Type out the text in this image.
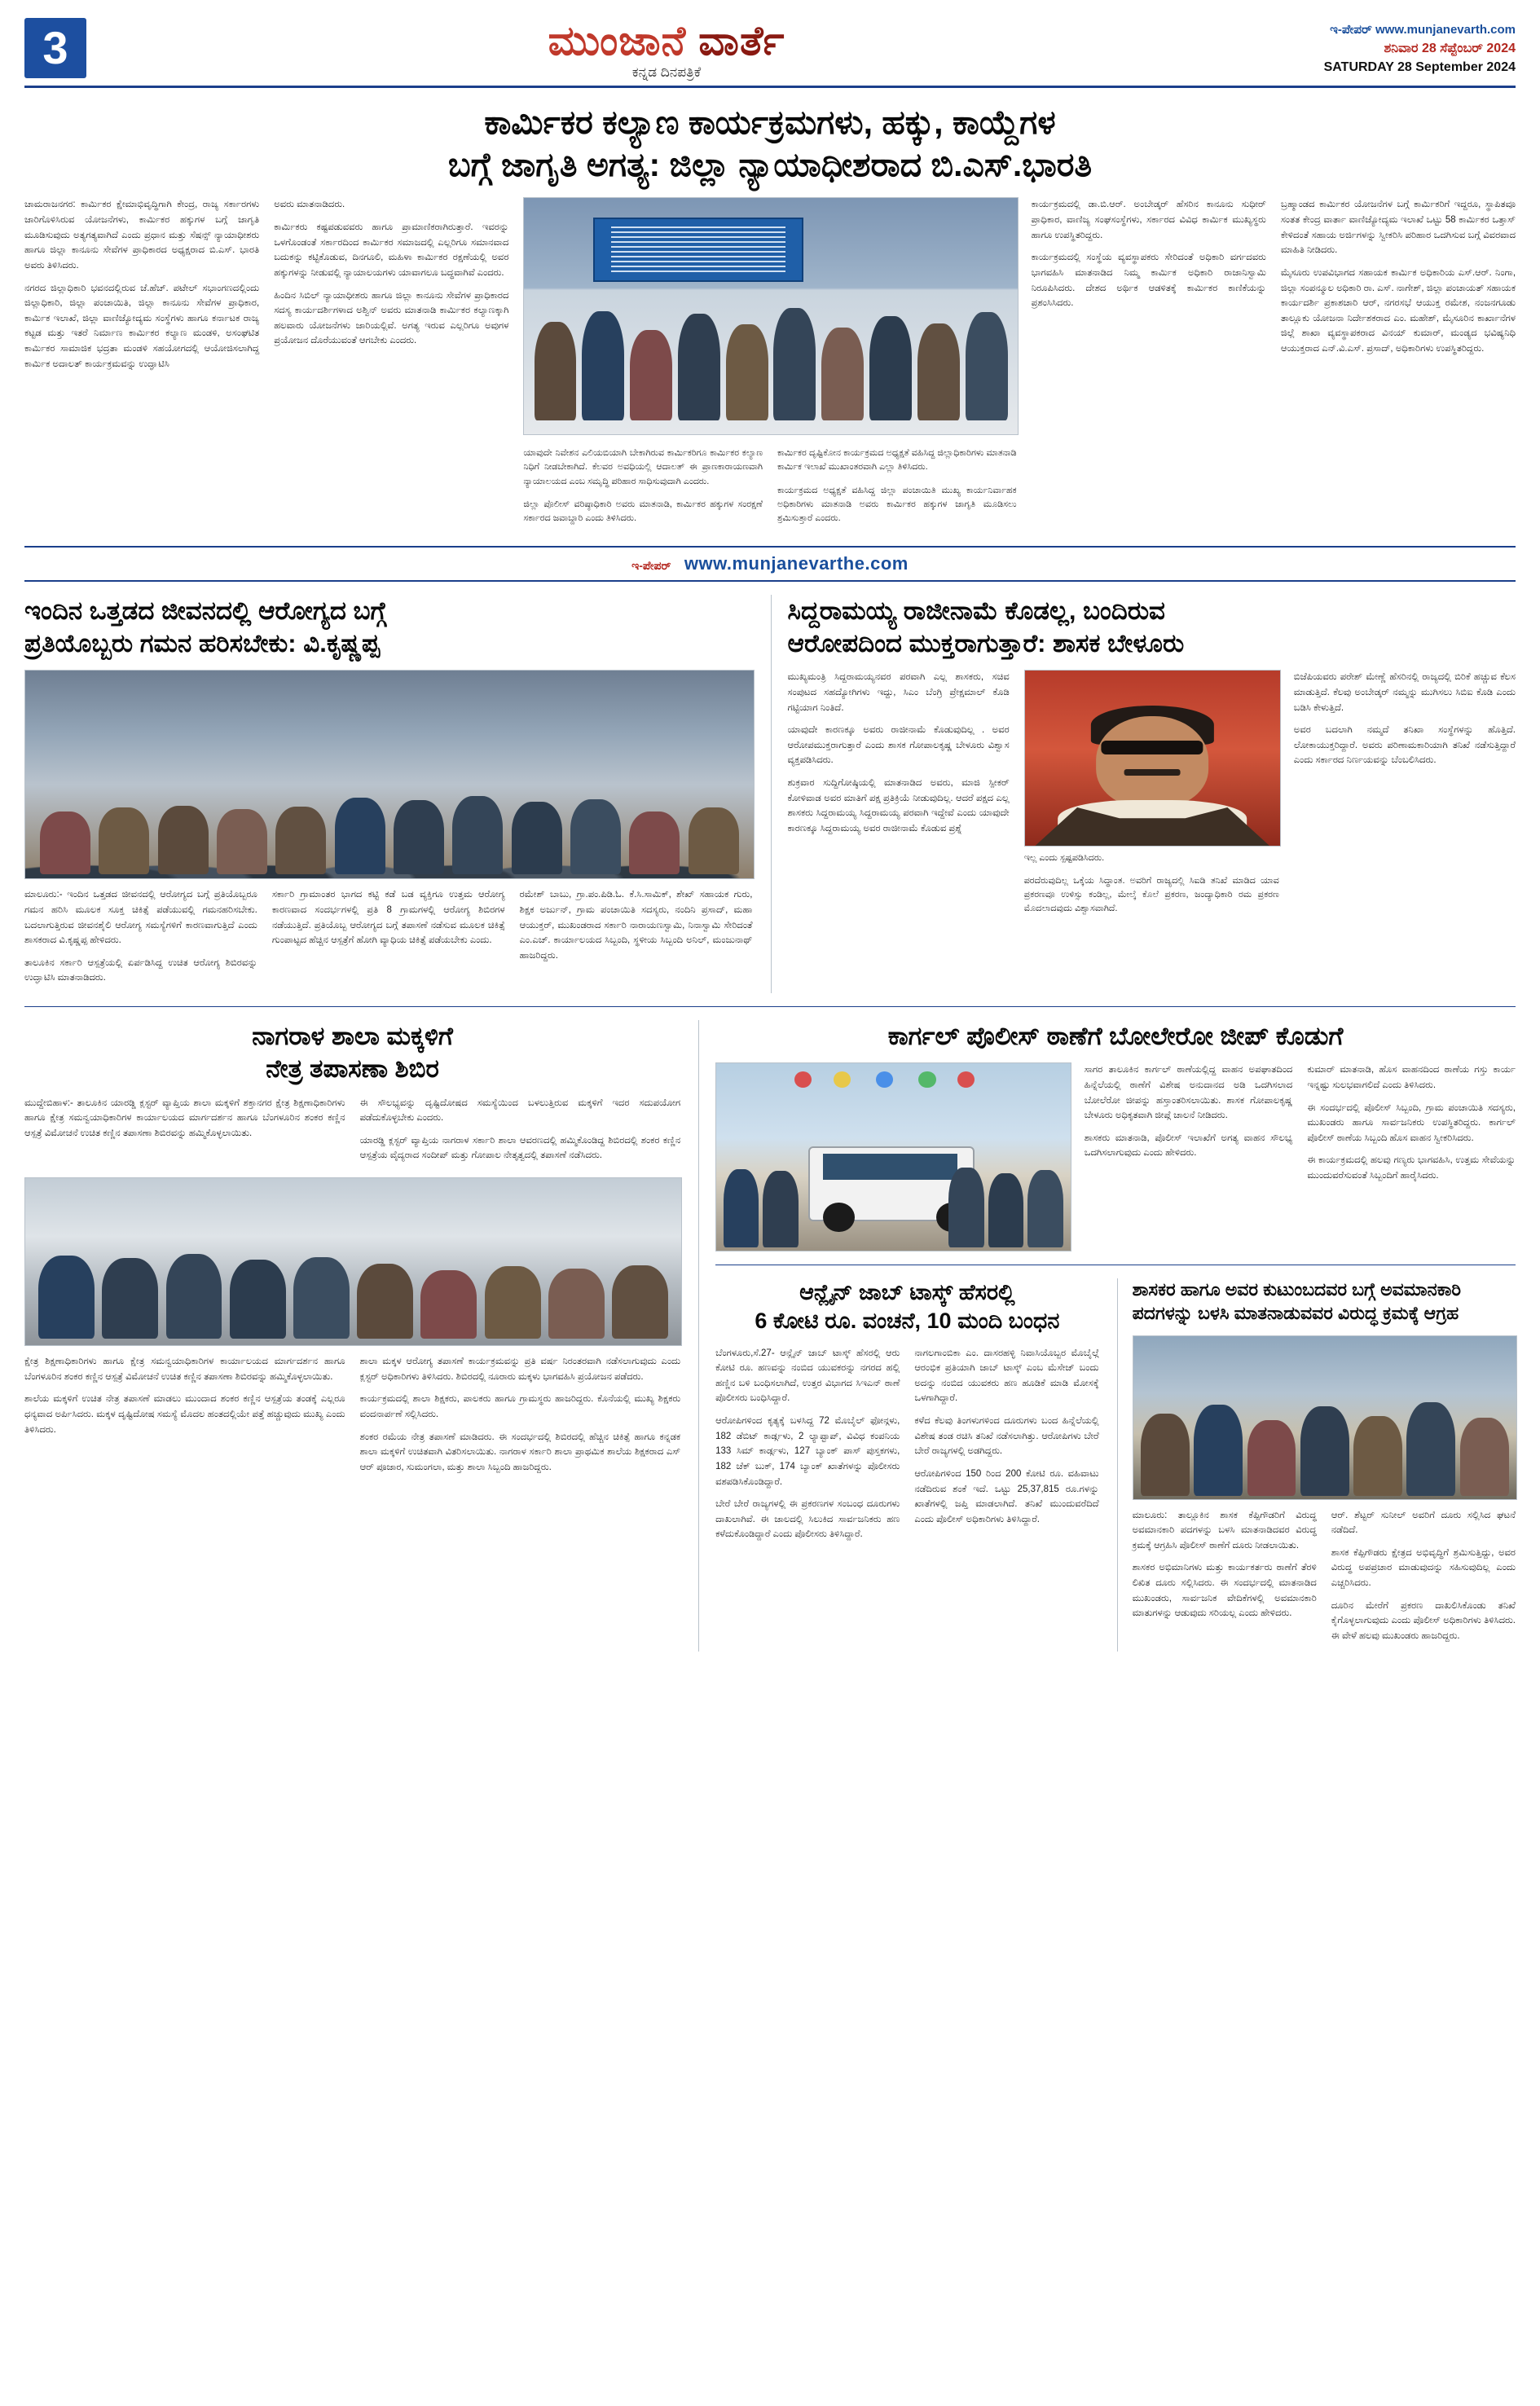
3	ಮುಂಜಾನೆ ವಾರ್ತೆ
ಕನ್ನಡ ದಿನಪತ್ರಿಕೆ
ಇ-ಪೇಪರ್ www.munjanevarth.com
ಶನಿವಾರ 28 ಸೆಪ್ಟೆಂಬರ್ 2024
SATURDAY 28 September 2024
ಕಾರ್ಮಿಕರ ಕಲ್ಯಾಣ ಕಾರ್ಯಕ್ರಮಗಳು, ಹಕ್ಕು, ಕಾಯ್ದೆಗಳ
ಬಗ್ಗೆ ಜಾಗೃತಿ ಅಗತ್ಯ: ಜಿಲ್ಲಾ ನ್ಯಾಯಾಧೀಶರಾದ ಬಿ.ಎಸ್.ಭಾರತಿ

ಚಾಮರಾಜನಗರ: ಕಾರ್ಮಿಕರ ಕ್ಷೇಮಾಭಿವೃದ್ಧಿಗಾಗಿ ಕೇಂದ್ರ, ರಾಜ್ಯ ಸರ್ಕಾರಗಳು ಜಾರಿಗೊಳಿಸಿರುವ ಯೋಜನೆಗಳು, ಕಾರ್ಮಿಕರ ಹಕ್ಕುಗಳ ಬಗ್ಗೆ ಜಾಗೃತಿ ಮೂಡಿಸುವುದು ಅತ್ಯಗತ್ಯವಾಗಿದೆ ಎಂದು ಪ್ರಧಾನ ಮತ್ತು ಸೆಷನ್ಸ್ ನ್ಯಾಯಾಧೀಶರು ಹಾಗೂ ಜಿಲ್ಲಾ ಕಾನೂನು ಸೇವೆಗಳ ಪ್ರಾಧಿಕಾರದ ಅಧ್ಯಕ್ಷರಾದ ಬಿ.ಎಸ್. ಭಾರತಿ ಅವರು ತಿಳಿಸಿದರು.

ನಗರದ ಜಿಲ್ಲಾಧಿಕಾರಿ ಭವನದಲ್ಲಿರುವ ಜೆ.ಹೆಚ್. ಪಟೇಲ್ ಸಭಾಂಗಣದಲ್ಲಿಂದು ಜಿಲ್ಲಾಧಿಕಾರಿ, ಜಿಲ್ಲಾ ಪಂಚಾಯಿತಿ, ಜಿಲ್ಲಾ ಕಾನೂನು ಸೇವೆಗಳ ಪ್ರಾಧಿಕಾರ, ಕಾರ್ಮಿಕ ಇಲಾಖೆ, ಜಿಲ್ಲಾ ವಾಣಿಜ್ಯೋದ್ಯಮ ಸಂಸ್ಥೆಗಳು ಹಾಗೂ ಕರ್ನಾಟಕ ರಾಜ್ಯ ಕಟ್ಟಡ ಮತ್ತು ಇತರೆ ನಿರ್ಮಾಣ ಕಾರ್ಮಿಕರ ಕಲ್ಯಾಣ ಮಂಡಳಿ, ಅಸಂಘಟಿತ ಕಾರ್ಮಿಕರ ಸಾಮಾಜಿಕ ಭದ್ರತಾ ಮಂಡಳಿ ಸಹಯೋಗದಲ್ಲಿ ಆಯೋಜಿಸಲಾಗಿದ್ದ ಕಾರ್ಮಿಕ ಅದಾಲತ್ ಕಾರ್ಯಕ್ರಮವನ್ನು ಉದ್ಘಾಟಿಸಿ

ಅವರು ಮಾತನಾಡಿದರು.

ಕಾರ್ಮಿಕರು ಕಷ್ಟಪಡುವವರು ಹಾಗೂ ಪ್ರಾಮಾಣಿಕರಾಗಿರುತ್ತಾರೆ. ಇವರನ್ನು ಒಳಗೊಂಡಂತೆ ಸರ್ಕಾರದಿಂದ ಕಾರ್ಮಿಕರ ಸಮಾಜದಲ್ಲಿ ಎಲ್ಲರಿಗೂ ಸಮಾನವಾದ ಬದುಕನ್ನು ಕಟ್ಟಿಕೊಡುವ, ದಿನಗೂಲಿ, ಮಹಿಳಾ ಕಾರ್ಮಿಕರ ರಕ್ಷಣೆಯಲ್ಲಿ ಅವರ ಹಕ್ಕುಗಳನ್ನು ನೀಡುವಲ್ಲಿ ನ್ಯಾಯಾಲಯಗಳು ಯಾವಾಗಲೂ ಬದ್ಧವಾಗಿವೆ ಎಂದರು.

ಹಿಂದಿನ ಸಿಬಿಲ್ ನ್ಯಾಯಾಧೀಶರು ಹಾಗೂ ಜಿಲ್ಲಾ ಕಾನೂನು ಸೇವೆಗಳ ಪ್ರಾಧಿಕಾರದ ಸದಸ್ಯ ಕಾರ್ಯದರ್ಶಿಗಳಾದ ಅಶ್ವಿನ್ ಅವರು ಮಾತನಾಡಿ ಕಾರ್ಮಿಕರ ಕಲ್ಯಾಣಕ್ಕಾಗಿ ಹಲವಾರು ಯೋಜನೆಗಳು ಜಾರಿಯಲ್ಲಿವೆ. ಅಗತ್ಯ ಇರುವ ಎಲ್ಲರಿಗೂ ಅವುಗಳ ಪ್ರಯೋಜನ ದೊರೆಯುವಂತೆ ಆಗಬೇಕು ಎಂದರು.

ಯಾವುದೇ ನಿವೇಶನ ಎಲಿಯಬಿಯಾಗಿ ಬೇಕಾಗಿರುವ ಕಾರ್ಮಿಕರಿಗೂ ಕಾರ್ಮಿಕರ ಕಲ್ಯಾಣ ನಿಧಿಗೆ ನೀಡಬೇಕಾಗಿದೆ. ಕೆಲವರ ಅವಧಿಯಲ್ಲಿ ಆದಾಲತ್ ಈ ಪ್ರಾಣಕಾರಾಯಣವಾಗಿ ನ್ಯಾಯಾಲಯದ ಎಂಬ ಸಮೃದ್ಧಿ ಪರಿಹಾರ ಸಾಧಿಸುವುದಾಗಿ ಎಂದರು.

ಜಿಲ್ಲಾ ಪೊಲೀಸ್ ವರಿಷ್ಠಾಧಿಕಾರಿ ಅವರು ಮಾತನಾಡಿ, ಕಾರ್ಮಿಕರ ಹಕ್ಕುಗಳ ಸಂರಕ್ಷಣೆ ಸರ್ಕಾರದ ಜವಾಬ್ದಾರಿ ಎಂದು ತಿಳಿಸಿದರು.

ಕಾರ್ಮಿಕರ ದೃಷ್ಟಿಕೋನ ಕಾರ್ಯಕ್ರಮದ ಅಧ್ಯಕ್ಷತೆ ವಹಿಸಿದ್ದ ಜಿಲ್ಲಾಧಿಕಾರಿಗಳು ಮಾತನಾಡಿ ಕಾರ್ಮಿಕ ಇಲಾಖೆ ಮುಖಾಂತರವಾಗಿ ಎಲ್ಲಾ ತಿಳಿಸಿದರು.

ಕಾರ್ಯಕ್ರಮದ ಅಧ್ಯಕ್ಷತೆ ವಹಿಸಿದ್ದ ಜಿಲ್ಲಾ ಪಂಚಾಯಿತಿ ಮುಖ್ಯ ಕಾರ್ಯನಿರ್ವಾಹಕ ಅಧಿಕಾರಿಗಳು ಮಾತನಾಡಿ ಅವರು ಕಾರ್ಮಿಕರ ಹಕ್ಕುಗಳ ಜಾಗೃತಿ ಮೂಡಿಸಲು ಶ್ರಮಿಸುತ್ತಾರೆ ಎಂದರು.

ಕಾರ್ಯಕ್ರಮದಲ್ಲಿ ಡಾ.ಬಿ.ಆರ್. ಅಂಬೇಡ್ಕರ್ ಹೆಸರಿನ ಕಾನೂನು ಸುಧೀರ್ ಪ್ರಾಧಿಕಾರ, ವಾಣಿಜ್ಯ ಸಂಘಸಂಸ್ಥೆಗಳು, ಸರ್ಕಾರದ ವಿವಿಧ ಕಾರ್ಮಿಕ ಮುಖ್ಯಸ್ಥರು ಹಾಗೂ ಉಪಸ್ಥಿತರಿದ್ದರು.

ಕಾರ್ಯಕ್ರಮದಲ್ಲಿ ಸಂಸ್ಥೆಯ ವ್ಯವಸ್ಥಾಪಕರು ಸೇರಿದಂತೆ ಅಧಿಕಾರಿ ವರ್ಗದವರು ಭಾಗವಹಿಸಿ ಮಾತನಾಡಿದ ನಿಮ್ಮ ಕಾರ್ಮಿಕ ಅಧಿಕಾರಿ ರಾಜಾನಿಸ್ವಾಮಿ ನಿರೂಪಿಸಿದರು. ದೇಶದ ಅರ್ಥಿಕ ಆಡಳಿತಕ್ಕೆ ಕಾರ್ಮಿಕರ ಕಾಣಿಕೆಯನ್ನು ಪ್ರಶಂಸಿಸಿದರು.

ಬ್ರಹ್ಮಾಂಡದ ಕಾರ್ಮಿಕರ ಯೋಜನೆಗಳ ಬಗ್ಗೆ ಕಾರ್ಮಿಕರಿಗೆ ಇದ್ದರೂ, ಸ್ಥಾಪಿತವೂ ಸಂತತ ಕೇಂದ್ರ ವಾರ್ತಾ ವಾಣಿಜ್ಯೋದ್ಯಮ ಇಲಾಖೆ ಒಟ್ಟು 58 ಕಾರ್ಮಿಕರ ಒತ್ತಾಸ್ ಕೇಳಿದಂತೆ ಸಹಾಯ ಅರ್ಜಿಗಳನ್ನು ಸ್ವೀಕರಿಸಿ ಪರಿಹಾರ ಒದಗಿಸುವ ಬಗ್ಗೆ ವಿವರವಾದ ಮಾಹಿತಿ ನೀಡಿದರು.

ಮೈಸೂರು ಉಪವಿಭಾಗದ ಸಹಾಯಕ ಕಾರ್ಮಿಕ ಅಧಿಕಾರಿಯ ಎಸ್.ಆರ್. ನಿಂಗಾ, ಜಿಲ್ಲಾ ಸಂಪನ್ಮೂಲ ಅಧಿಕಾರಿ ರಾ. ಎಸ್. ನಾಗೇಶ್, ಜಿಲ್ಲಾ ಪಂಚಾಯತ್ ಸಹಾಯಕ ಕಾರ್ಯದರ್ಶಿ ಪ್ರಕಾಶಚಾರಿ ಆರ್, ನಗರಸಭೆ ಆಯುಕ್ತ ರಮೇಶ, ನಂಜನಗೂಡು ತಾಲ್ಲೂಕು ಯೋಜನಾ ನಿರ್ದೇಶಕರಾದ ಎಂ. ಮಹೇಶ್, ಮೈಸೂರಿನ ಕಾರ್ಖಾನೆಗಳ ಜಿಲ್ಲೆ ಶಾಖಾ ವ್ಯವಸ್ಥಾಪಕರಾದ ವಿನಯ್ ಕುಮಾರ್, ಮಂಡ್ಯದ ಭವಿಷ್ಯನಿಧಿ ಆಯುಕ್ತರಾದ ಎನ್.ವಿ.ಎಸ್. ಪ್ರಸಾದ್, ಅಧಿಕಾರಿಗಳು ಉಪಸ್ಥಿತರಿದ್ದರು.

ಇ-ಪೇಪರ್ www.munjanevarthe.com
ಇಂದಿನ ಒತ್ತಡದ ಜೀವನದಲ್ಲಿ ಆರೋಗ್ಯದ ಬಗ್ಗೆ
ಪ್ರತಿಯೊಬ್ಬರು ಗಮನ ಹರಿಸಬೇಕು: ವಿ.ಕೃಷ್ಣಪ್ಪ

ಮಾಲೂರು:- ಇಂದಿನ ಒತ್ತಡದ ಜೀವನದಲ್ಲಿ ಆರೋಗ್ಯದ ಬಗ್ಗೆ ಪ್ರತಿಯೊಬ್ಬರೂ ಗಮನ ಹರಿಸಿ ಮೂಲಕ ಸೂಕ್ತ ಚಿಕಿತ್ಸೆ ಪಡೆಯುವಲ್ಲಿ ಗಮನಹರಿಸಬೇಕು. ಬದಲಾಗುತ್ತಿರುವ ಜೀವನಶೈಲಿ ಆರೋಗ್ಯ ಸಮಸ್ಯೆಗಳಿಗೆ ಕಾರಣವಾಗುತ್ತಿದೆ ಎಂದು ಶಾಸಕರಾದ ವಿ.ಕೃಷ್ಣಪ್ಪ ಹೇಳಿದರು.

ತಾಲೂಕಿನ ಸರ್ಕಾರಿ ಆಸ್ಪತ್ರೆಯಲ್ಲಿ ಏರ್ಪಡಿಸಿದ್ದ ಉಚಿತ ಆರೋಗ್ಯ ಶಿಬಿರವನ್ನು ಉದ್ಘಾಟಿಸಿ ಮಾತನಾಡಿದರು.

ಸರ್ಕಾರಿ ಗ್ರಾಮಾಂತರ ಭಾಗದ ಕಟ್ಟಿ ಕಡೆ ಬಡ ವ್ಯಕ್ತಿಗೂ ಉತ್ತಮ ಆರೋಗ್ಯ ಕಾರಣವಾದ ಸಂದರ್ಭಗಳಲ್ಲಿ ಪ್ರತಿ 8 ಗ್ರಾಮಗಳಲ್ಲಿ ಆರೋಗ್ಯ ಶಿಬಿರಗಳ ನಡೆಯುತ್ತಿದೆ. ಪ್ರತಿಯೊಬ್ಬ ಆರೋಗ್ಯದ ಬಗ್ಗೆ ತಪಾಸಣೆ ನಡೆಸುವ ಮೂಲಕ ಚಿಕಿತ್ಸೆ ಗುಂಪಾಟ್ಟದ ಹೆಚ್ಚಿನ ಆಸ್ಪತ್ರೆಗೆ ಹೋಗಿ ವ್ಯಾಧಿಯ ಚಿಕಿತ್ಸೆ ಪಡೆಯಬೇಕು ಎಂದು.

ರಮೇಶ್ ಬಾಬು, ಗ್ರಾ.ಪಂ.ಪಿಡಿ.ಓ. ಕೆ.ಸಿ.ಸಾಮಿಕ್, ಶೇಖ್ ಸಹಾಯಕ ಗುರು, ಶಿಕ್ಷಕ ಅರ್ಜುನ್, ಗ್ರಾಮ ಪಂಚಾಯಿತಿ ಸದಸ್ಯರು, ನಂದಿನಿ ಪ್ರಸಾದ್, ಮಹಾ ಆಯುಕ್ತರ್, ಮುಖಂಡರಾದ ಸರ್ಕಾರಿ ನಾರಾಯಣಸ್ವಾಮಿ, ನಿನಾಸ್ವಾಮಿ ಸೇರಿದಂತೆ ಎಂ.ಎಚ್. ಕಾರ್ಯಾಲಯದ ಸಿಬ್ಬಂದಿ, ಸ್ಥಳೀಯ ಸಿಬ್ಬಂದಿ ಅನಿಲ್, ಮಂಜುನಾಥ್ ಹಾಜರಿದ್ದರು.

ಸಿದ್ದರಾಮಯ್ಯ ರಾಜೀನಾಮೆ ಕೊಡಲ್ಲ, ಬಂದಿರುವ
ಆರೋಪದಿಂದ ಮುಕ್ತರಾಗುತ್ತಾರೆ: ಶಾಸಕ ಬೇಳೂರು

ಮುಖ್ಯಮಂತ್ರಿ ಸಿದ್ದರಾಮಯ್ಯನವರ ಪರವಾಗಿ ಎಲ್ಲ ಶಾಸಕರು, ಸಚಿವ ಸಂಪುಟದ ಸಹದ್ಯೋಗಿಗಳು ಇದ್ದು, ಸಿಎಂ ಬೆಂಗ್ರಿ ಪ್ರೇಕ್ಷಮಾಲ್ ಕೊಡಿ ಗಟ್ಟಿಯಾಗ ನಿಂತಿದೆ.

ಯಾವುದೇ ಕಾರಣಕ್ಕೂ ಅವರು ರಾಜೀನಾಮೆ ಕೊಡುವುದಿಲ್ಲ . ಅವರ ಆರೋಪಮುಕ್ತರಾಗುತ್ತಾರೆ ಎಂದು ಶಾಸಕ ಗೋಪಾಲಕೃಷ್ಣ ಬೇಳೂರು ವಿಶ್ವಾಸ ವ್ಯಕ್ತಪಡಿಸಿದರು.

ಶುಕ್ರವಾರ ಸುದ್ದಿಗೋಷ್ಠಿಯಲ್ಲಿ ಮಾತನಾಡಿದ ಅವರು, ಮಾಜಿ ಸ್ಪೀಕರ್ ಕೋಳಿವಾಡ ಅವರ ಮಾತಿಗೆ ಪಕ್ಷ ಪ್ರತಿಕ್ರಿಯೆ ನೀಡುವುದಿಲ್ಲ. ಆದರೆ ಪಕ್ಷದ ಎಲ್ಲ ಶಾಸಕರು ಸಿದ್ದರಾಮಯ್ಯ ಸಿದ್ದರಾಮಯ್ಯ ಪರವಾಗಿ ಇದ್ದೇವೆ ಎಂದು ಯಾವುದೇ ಕಾರಣಕ್ಕೂ ಸಿದ್ದರಾಮಯ್ಯ ಅವರ ರಾಜೀನಾಮೆ ಕೊಡುವ ಪ್ರಶ್ನೆ

ಇಲ್ಲ ಎಂದು ಸ್ಪಷ್ಟಪಡಿಸಿದರು.

ಪರದೆರುವುದಿಲ್ಲ ಒಕ್ಕೆಯ ಸಿದ್ಧಾಂತ. ಅವರಿಗೆ ರಾಜ್ಯದಲ್ಲಿ ಸಿಐಡಿ ತನಿಖೆ ಮಾಡಿದ ಯಾವ ಪ್ರಕರಣವೂ ಉಳಿಸ್ಸು ಕಂಡಿಲ್ಲ, ಮೇಲ್ಕೆ ಕೊಲೆ ಪ್ರಕರಣ, ಜಂದ್ಯಾಧಿಕಾರಿ ರಮ ಪ್ರಕರಣ ಮೊದಲಾದವುದು ವಿಶ್ವಾಸವಾಗಿದೆ.

ಬಿಜೆಪಿಯವರು ಪರೇಶ್ ಮೇಣ್ಣೆ ಹೆಸರಿನಲ್ಲಿ ರಾಜ್ಯದಲ್ಲಿ ಬಿರಿಕೆ ಹಚ್ಚುವ ಕೆಲಸ ಮಾಡುತ್ತಿದೆ. ಕೆಲವು ಅಂಬೇಡ್ಕರ್ ನಮ್ಮನ್ನು ಮುಗಿಸಲು ಸಿಬಿಐ ಕೊಡಿ ಎಂದು ಬಡಿಸಿ ಕೇಳುತ್ತಿದೆ.

ಅವರ ಬದಲಾಗಿ ನಮ್ಮದೆ ತನಿಖಾ ಸಂಸ್ಥೆಗಳನ್ನು ಹೊತ್ತಿದೆ. ಲೋಕಾಯುಕ್ತರಿದ್ದಾರೆ. ಅವರು ಪರಿಣಾಮಕಾರಿಯಾಗಿ ತನಿಖೆ ನಡೆಸುತ್ತಿದ್ದಾರೆ ಎಂದು ಸರ್ಕಾರದ ನಿರ್ಣಯವನ್ನು ಬೆಂಬಲಿಸಿದರು.

ನಾಗರಾಳ ಶಾಲಾ ಮಕ್ಕಳಿಗೆ
ನೇತ್ರ ತಪಾಸಣಾ ಶಿಬಿರ

ಮುದ್ದೇಬಿಹಾಳ:- ತಾಲೂಕಿನ ಯಾರಡ್ಡಿ ಕ್ಲಸ್ಟರ್ ವ್ಯಾಪ್ತಿಯ ಶಾಲಾ ಮಕ್ಕಳಿಗೆ ಶಕ್ತಾನಗರ ಕ್ಷೇತ್ರ ಶಿಕ್ಷಣಾಧಿಕಾರಿಗಳು ಹಾಗೂ ಕ್ಷೇತ್ರ ಸಮನ್ವಯಾಧಿಕಾರಿಗಳ ಕಾರ್ಯಾಲಯದ ಮಾರ್ಗದರ್ಶನ ಹಾಗೂ ಬೆಂಗಳೂರಿನ ಶಂಕರ ಕಣ್ಣಿನ ಆಸ್ಪತ್ರೆ ವಿಮೋಚನೆ ಉಚಿತ ಕಣ್ಣಿನ ತಪಾಸಣಾ ಶಿಬಿರವನ್ನು ಹಮ್ಮಿಕೊಳ್ಳಲಾಯಿತು.

ಈ ಸೌಲಭ್ಯವನ್ನು ದೃಷ್ಟಿದೋಷದ ಸಮಸ್ಯೆಯಿಂದ ಬಳಲುತ್ತಿರುವ ಮಕ್ಕಳಿಗೆ ಇದರ ಸದುಪಯೋಗ ಪಡೆದುಕೊಳ್ಳಬೇಕು ಎಂದರು.

ಯಾರಡ್ಡಿ ಕ್ಲಸ್ಟರ್ ವ್ಯಾಪ್ತಿಯ ನಾಗರಾಳ ಸರ್ಕಾರಿ ಶಾಲಾ ಆವರಣದಲ್ಲಿ ಹಮ್ಮಿಕೊಂಡಿದ್ದ ಶಿಬಿರದಲ್ಲಿ ಶಂಕರ ಕಣ್ಣಿನ ಆಸ್ಪತ್ರೆಯ ವೈದ್ಯರಾದ ಸಂದೀಪ್ ಮತ್ತು ಗೋಪಾಲ ನೇತೃತ್ವದಲ್ಲಿ ತಪಾಸಣೆ ನಡೆಸಿದರು.

ಕ್ಷೇತ್ರ ಶಿಕ್ಷಣಾಧಿಕಾರಿಗಳು ಹಾಗೂ ಕ್ಷೇತ್ರ ಸಮನ್ವಯಾಧಿಕಾರಿಗಳ ಕಾರ್ಯಾಲಯದ ಮಾರ್ಗದರ್ಶನ ಹಾಗೂ ಬೆಂಗಳೂರಿನ ಶಂಕರ ಕಣ್ಣಿನ ಆಸ್ಪತ್ರೆ ವಿಮೋಚನೆ ಉಚಿತ ಕಣ್ಣಿನ ತಪಾಸಣಾ ಶಿಬಿರವನ್ನು ಹಮ್ಮಿಕೊಳ್ಳಲಾಯಿತು.

ಶಾಲೆಯ ಮಕ್ಕಳಿಗೆ ಉಚಿತ ನೇತ್ರ ತಪಾಸಣೆ ಮಾಡಲು ಮುಂದಾದ ಶಂಕರ ಕಣ್ಣಿನ ಆಸ್ಪತ್ರೆಯ ತಂಡಕ್ಕೆ ಎಲ್ಲರೂ ಧನ್ಯವಾದ ಅರ್ಪಿಸಿದರು. ಮಕ್ಕಳ ದೃಷ್ಟಿದೋಷ ಸಮಸ್ಯೆ ಮೊದಲ ಹಂತದಲ್ಲಿಯೇ ಪತ್ತೆ ಹಚ್ಚುವುದು ಮುಖ್ಯ ಎಂದು ತಿಳಿಸಿದರು.

ಶಾಲಾ ಮಕ್ಕಳ ಆರೋಗ್ಯ ತಪಾಸಣೆ ಕಾರ್ಯಕ್ರಮವನ್ನು ಪ್ರತಿ ವರ್ಷ ನಿರಂತರವಾಗಿ ನಡೆಸಲಾಗುವುದು ಎಂದು ಕ್ಲಸ್ಟರ್ ಅಧಿಕಾರಿಗಳು ತಿಳಿಸಿದರು. ಶಿಬಿರದಲ್ಲಿ ನೂರಾರು ಮಕ್ಕಳು ಭಾಗವಹಿಸಿ ಪ್ರಯೋಜನ ಪಡೆದರು.

ಕಾರ್ಯಕ್ರಮದಲ್ಲಿ ಶಾಲಾ ಶಿಕ್ಷಕರು, ಪಾಲಕರು ಹಾಗೂ ಗ್ರಾಮಸ್ಥರು ಹಾಜರಿದ್ದರು. ಕೊನೆಯಲ್ಲಿ ಮುಖ್ಯ ಶಿಕ್ಷಕರು ವಂದನಾರ್ಪಣೆ ಸಲ್ಲಿಸಿದರು.

ಶಂಕರ ರಮೆಯ ನೇತ್ರ ತಪಾಸಣೆ ಮಾಡಿದರು. ಈ ಸಂದರ್ಭದಲ್ಲಿ ಶಿಬಿರದಲ್ಲಿ ಹೆಚ್ಚಿನ ಚಿಕಿತ್ಸೆ ಹಾಗೂ ಕನ್ನಡಕ ಶಾಲಾ ಮಕ್ಕಳಿಗೆ ಉಚಿತವಾಗಿ ವಿತರಿಸಲಾಯಿತು. ನಾಗರಾಳ ಸರ್ಕಾರಿ ಶಾಲಾ ಪ್ರಾಥಮಿಕ ಶಾಲೆಯ ಶಿಕ್ಷಕರಾದ ಎಸ್ ಆರ್ ಪೂಜಾರ, ಸುಮಂಗಲಾ, ಮತ್ತು ಶಾಲಾ ಸಿಬ್ಬಂದಿ ಹಾಜರಿದ್ದರು.

ಕಾರ್ಗಲ್ ಪೊಲೀಸ್ ಠಾಣೆಗೆ ಬೋಲೇರೋ ಜೀಪ್ ಕೊಡುಗೆ

ಸಾಗರ ತಾಲೂಕಿನ ಕಾರ್ಗಲ್ ಠಾಣೆಯಲ್ಲಿದ್ದ ವಾಹನ ಅಪಘಾತದಿಂದ ಹಿನ್ನೆಲೆಯಲ್ಲಿ ಠಾಣೆಗೆ ವಿಶೇಷ ಅನುದಾನದ ಅಡಿ ಒದಗಿಸಲಾದ ಬೋಲೆರೋ ಜೀಪನ್ನು ಹಸ್ತಾಂತರಿಸಲಾಯಿತು. ಶಾಸಕ ಗೋಪಾಲಕೃಷ್ಣ ಬೇಳೂರು ಅಧಿಕೃತವಾಗಿ ಜೀಪ್ಗೆ ಚಾಲನೆ ನೀಡಿದರು.

ಶಾಸಕರು ಮಾತನಾಡಿ, ಪೊಲೀಸ್ ಇಲಾಖೆಗೆ ಅಗತ್ಯ ವಾಹನ ಸೌಲಭ್ಯ ಒದಗಿಸಲಾಗುವುದು ಎಂದು ಹೇಳಿದರು.

ಕುಮಾರ್ ಮಾತನಾಡಿ, ಹೊಸ ವಾಹನದಿಂದ ಠಾಣೆಯ ಗಸ್ತು ಕಾರ್ಯ ಇನ್ನಷ್ಟು ಸುಲಭವಾಗಲಿದೆ ಎಂದು ತಿಳಿಸಿದರು.

ಈ ಸಂದರ್ಭದಲ್ಲಿ ಪೊಲೀಸ್ ಸಿಬ್ಬಂದಿ, ಗ್ರಾಮ ಪಂಚಾಯಿತಿ ಸದಸ್ಯರು, ಮುಖಂಡರು ಹಾಗೂ ಸಾರ್ವಜನಿಕರು ಉಪಸ್ಥಿತರಿದ್ದರು. ಕಾರ್ಗಲ್ ಪೊಲೀಸ್ ಠಾಣೆಯ ಸಿಬ್ಬಂದಿ ಹೊಸ ವಾಹನ ಸ್ವೀಕರಿಸಿದರು.

ಈ ಕಾರ್ಯಕ್ರಮದಲ್ಲಿ ಹಲವು ಗಣ್ಯರು ಭಾಗವಹಿಸಿ, ಉತ್ತಮ ಸೇವೆಯನ್ನು ಮುಂದುವರೆಸುವಂತೆ ಸಿಬ್ಬಂದಿಗೆ ಹಾರೈಸಿದರು.

ಆನ್ಲೈನ್ ಜಾಬ್ ಟಾಸ್ಕ್ ಹೆಸರಲ್ಲಿ
6 ಕೋಟಿ ರೂ. ವಂಚನೆ, 10 ಮಂದಿ ಬಂಧನ

ಬೆಂಗಳೂರು,ಸೆ.27- ಆನ್ಲೈನ್ ಜಾಬ್ ಟಾಸ್ಕ್ ಹೆಸರಲ್ಲಿ ಆರು ಕೋಟಿ ರೂ. ಹಣವನ್ನು ನಂಬಿದ ಯುವಕರನ್ನು ನಗರದ ಹಲ್ಲಿ ಹಣ್ಣಿನ ಬಳಿ ಬಂಧಿಸಲಾಗಿದೆ, ಉತ್ತರ ವಿಭಾಗದ ಸಿಇಎನ್ ಠಾಣೆ ಪೊಲೀಸರು ಬಂಧಿಸಿದ್ದಾರೆ.

ಆರೋಪಿಗಳಿಂದ ಕೃತ್ಯಕ್ಕೆ ಬಳಸಿದ್ದ 72 ಮೊಬೈಲ್ ಫೋನ್ಗಳು, 182 ಡೆಬಿಟ್ ಕಾರ್ಡ್ಗಳು, 2 ಲ್ಯಾಪ್ಟಾಪ್, ವಿವಿಧ ಕಂಪನಿಯ 133 ಸಿಮ್ ಕಾರ್ಡ್ಗಳು, 127 ಬ್ಯಾಂಕ್ ಪಾಸ್ ಪುಸ್ತಕಗಳು, 182 ಚೆಕ್ ಬುಕ್, 174 ಬ್ಯಾಂಕ್ ಖಾತೆಗಳನ್ನು ಪೊಲೀಸರು ವಶಪಡಿಸಿಕೊಂಡಿದ್ದಾರೆ.

ಬೇರೆ ಬೇರೆ ರಾಜ್ಯಗಳಲ್ಲಿ ಈ ಪ್ರಕರಣಗಳ ಸಂಬಂಧ ದೂರುಗಳು ದಾಖಲಾಗಿವೆ. ಈ ಜಾಲದಲ್ಲಿ ಸಿಲುಕಿದ ಸಾರ್ವಜನಿಕರು ಹಣ ಕಳೆದುಕೊಂಡಿದ್ದಾರೆ ಎಂದು ಪೊಲೀಸರು ತಿಳಿಸಿದ್ದಾರೆ.

ನಾಗಲಗಾಂಬಿಕಾ ಎಂ. ದಾಸರಹಳ್ಳಿ ನಿವಾಸಿಯೊಬ್ಬರ ಮೊಬೈಲ್ಗೆ ಆರಂಭಿಕ ಪ್ರತಿಯಾಗಿ ಜಾಬ್ ಟಾಸ್ಕ್ ಎಂಬ ಮೆಸೇಜ್ ಬಂದು ಅದನ್ನು ನಂಬಿದ ಯುವಕರು ಹಣ ಹೂಡಿಕೆ ಮಾಡಿ ಮೋಸಕ್ಕೆ ಒಳಗಾಗಿದ್ದಾರೆ.

ಕಳೆದ ಕೆಲವು ತಿಂಗಳುಗಳಿಂದ ದೂರುಗಳು ಬಂದ ಹಿನ್ನೆಲೆಯಲ್ಲಿ ವಿಶೇಷ ತಂಡ ರಚಿಸಿ ತನಿಖೆ ನಡೆಸಲಾಗಿತ್ತು. ಆರೋಪಿಗಳು ಬೇರೆ ಬೇರೆ ರಾಜ್ಯಗಳಲ್ಲಿ ಅಡಗಿದ್ದರು.

ಆರೋಪಿಗಳಿಂದ 150 ರಿಂದ 200 ಕೋಟಿ ರೂ. ವಹಿವಾಟು ನಡೆದಿರುವ ಶಂಕೆ ಇದೆ. ಒಟ್ಟು 25,37,815 ರೂ.ಗಳನ್ನು ಖಾತೆಗಳಲ್ಲಿ ಜಪ್ತಿ ಮಾಡಲಾಗಿದೆ. ತನಿಖೆ ಮುಂದುವರೆದಿದೆ ಎಂದು ಪೊಲೀಸ್ ಅಧಿಕಾರಿಗಳು ತಿಳಿಸಿದ್ದಾರೆ.

ಶಾಸಕರ ಹಾಗೂ ಅವರ ಕುಟುಂಬದವರ ಬಗ್ಗೆ ಅವಮಾನಕಾರಿ
ಪದಗಳನ್ನು ಬಳಸಿ ಮಾತನಾಡುವವರ ವಿರುದ್ಧ ಕ್ರಮಕ್ಕೆ ಆಗ್ರಹ

ಮಾಲೂರು: ತಾಲ್ಲೂಕಿನ ಶಾಸಕ ಕೆಪ್ಪಿಗೌಡರಿಗೆ ವಿರುದ್ಧ ಅವಮಾನಕಾರಿ ಪದಗಳನ್ನು ಬಳಸಿ ಮಾತನಾಡಿದವರ ವಿರುದ್ಧ ಕ್ರಮಕ್ಕೆ ಆಗ್ರಹಿಸಿ ಪೊಲೀಸ್ ಠಾಣೆಗೆ ದೂರು ನೀಡಲಾಯಿತು.

ಶಾಸಕರ ಅಭಿಮಾನಿಗಳು ಮತ್ತು ಕಾರ್ಯಕರ್ತರು ಠಾಣೆಗೆ ತೆರಳಿ ಲಿಖಿತ ದೂರು ಸಲ್ಲಿಸಿದರು. ಈ ಸಂದರ್ಭದಲ್ಲಿ ಮಾತನಾಡಿದ ಮುಖಂಡರು, ಸಾರ್ವಜನಿಕ ವೇದಿಕೆಗಳಲ್ಲಿ ಅವಮಾನಕಾರಿ ಮಾತುಗಳನ್ನು ಆಡುವುದು ಸರಿಯಲ್ಲ ಎಂದು ಹೇಳಿದರು.

ಆರ್. ಶೆಟ್ಟರ್ ಸುನೀಲ್ ಅವರಿಗೆ ದೂರು ಸಲ್ಲಿಸಿದ ಘಟನೆ ನಡೆದಿದೆ.

ಶಾಸಕ ಕೆಪ್ಪಿಗೌಡರು ಕ್ಷೇತ್ರದ ಅಭಿವೃದ್ಧಿಗೆ ಶ್ರಮಿಸುತ್ತಿದ್ದು, ಅವರ ವಿರುದ್ಧ ಅಪಪ್ರಚಾರ ಮಾಡುವುದನ್ನು ಸಹಿಸುವುದಿಲ್ಲ ಎಂದು ಎಚ್ಚರಿಸಿದರು.

ದೂರಿನ ಮೇರೆಗೆ ಪ್ರಕರಣ ದಾಖಲಿಸಿಕೊಂಡು ತನಿಖೆ ಕೈಗೊಳ್ಳಲಾಗುವುದು ಎಂದು ಪೊಲೀಸ್ ಅಧಿಕಾರಿಗಳು ತಿಳಿಸಿದರು. ಈ ವೇಳೆ ಹಲವು ಮುಖಂಡರು ಹಾಜರಿದ್ದರು.
